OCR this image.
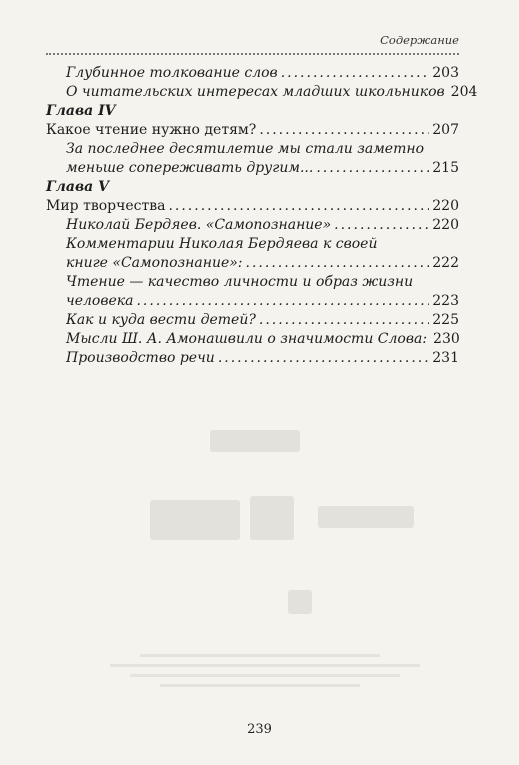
Содержание
Глубинное толкование слов .....	203
О читательских интересах младших школьников 204
Глава IV
Какое чтение нужно детям? .....	207
За последнее десятилетие мы стали заметно
меньше сопереживать другим... .....	215
Глава V
Мир творчества .....	220
Николай Бердяев. «Самопознание» .....	220
Комментарии Николая Бердяева к своей
книге «Самопознание»: .....	222
Чтение — качество личности и образ жизни
человека .....	223
Как и куда вести детей? .....	225
Мысли Ш. А. Амонашвили о значимости Слова: 230
Производство речи .....	231
239
